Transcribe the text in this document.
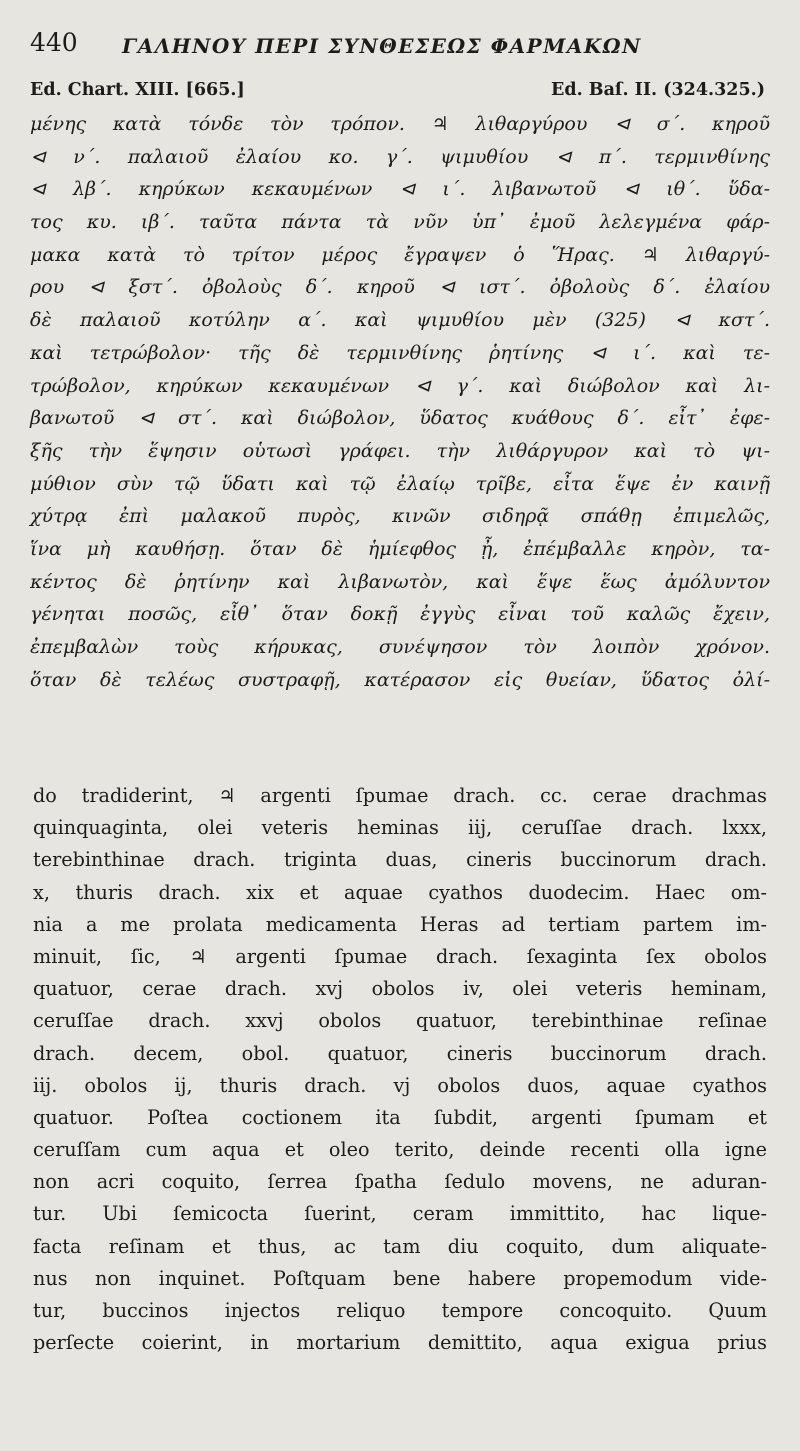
440 ΓΑΛΗΝΟΥ ΠΕΡΙ ΣΥΝΘΕΣΕΩΣ ΦΑΡΜΑΚΩΝ
Ed. Chart. XIII. [665.]	Ed. Baſ. II. (324.325.)
μένης κατὰ τόνδε τὸν τρόπον. ♃ λιθαργύρου ⊲ σ΄. κηροῦ
⊲ ν΄. παλαιοῦ ἐλαίου κο. γ΄. ψιμυθίου ⊲ π΄. τερμινθίνης
⊲ λβ΄. κηρύκων κεκαυμένων ⊲ ι΄. λιβανωτοῦ ⊲ ιθ΄. ὕδα-
τος κυ. ιβ΄. ταῦτα πάντα τὰ νῦν ὑπ᾽ ἐμοῦ λελεγμένα φάρ-
μακα κατὰ τὸ τρίτον μέρος ἔγραψεν ὁ Ἥρας. ♃ λιθαργύ-
ρου ⊲ ξστ΄. ὀβολοὺς δ΄. κηροῦ ⊲ ιστ΄. ὀβολοὺς δ΄. ἐλαίου
δὲ παλαιοῦ κοτύλην α΄. καὶ ψιμυθίου μὲν (325) ⊲ κστ΄.
καὶ τετρώβολον· τῆς δὲ τερμινθίνης ῥητίνης ⊲ ι΄. καὶ τε-
τρώβολον, κηρύκων κεκαυμένων ⊲ γ΄. καὶ διώβολον καὶ λι-
βανωτοῦ ⊲ στ΄. καὶ διώβολον, ὕδατος κυάθους δ΄. εἶτ᾽ ἐφε-
ξῆς τὴν ἕψησιν οὑτωσὶ γράφει. τὴν λιθάργυρον καὶ τὸ ψι-
μύθιον σὺν τῷ ὕδατι καὶ τῷ ἐλαίῳ τρῖβε, εἶτα ἕψε ἐν καινῇ
χύτρᾳ ἐπὶ μαλακοῦ πυρὸς, κινῶν σιδηρᾷ σπάθῃ ἐπιμελῶς,
ἵνα μὴ καυθήσῃ. ὅταν δὲ ἡμίεφθος ᾖ, ἐπέμβαλλε κηρὸν, τα-
κέντος δὲ ῥητίνην καὶ λιβανωτὸν, καὶ ἕψε ἕως ἀμόλυντον
γένηται ποσῶς, εἶθ᾽ ὅταν δοκῇ ἐγγὺς εἶναι τοῦ καλῶς ἔχειν,
ἐπεμβαλὼν τοὺς κήρυκας, συνέψησον τὸν λοιπὸν χρόνον.
ὅταν δὲ τελέως συστραφῇ, κατέρασον εἰς θυείαν, ὕδατος ὀλί-
do tradiderint, ♃ argenti ſpumae drach. cc. cerae drachmas
quinquaginta, olei veteris heminas iij, ceruſſae drach. lxxx,
terebinthinae drach. triginta duas, cineris buccinorum drach.
x, thuris drach. xix et aquae cyathos duodecim. Haec om-
nia a me prolata medicamenta Heras ad tertiam partem im-
minuit, ſic, ♃ argenti ſpumae drach. ſexaginta ſex obolos
quatuor, cerae drach. xvj obolos iv, olei veteris heminam,
ceruſſae drach. xxvj obolos quatuor, terebinthinae reſinae
drach. decem, obol. quatuor, cineris buccinorum drach.
iij. obolos ij, thuris drach. vj obolos duos, aquae cyathos
quatuor. Poſtea coctionem ita ſubdit, argenti ſpumam et
ceruſſam cum aqua et oleo terito, deinde recenti olla igne
non acri coquito, ſerrea ſpatha ſedulo movens, ne aduran-
tur. Ubi ſemicocta ſuerint, ceram immittito, hac lique-
facta reſinam et thus, ac tam diu coquito, dum aliquate-
nus non inquinet. Poſtquam bene habere propemodum vide-
tur, buccinos injectos reliquo tempore concoquito. Quum
perſecte coierint, in mortarium demittito, aqua exigua prius
